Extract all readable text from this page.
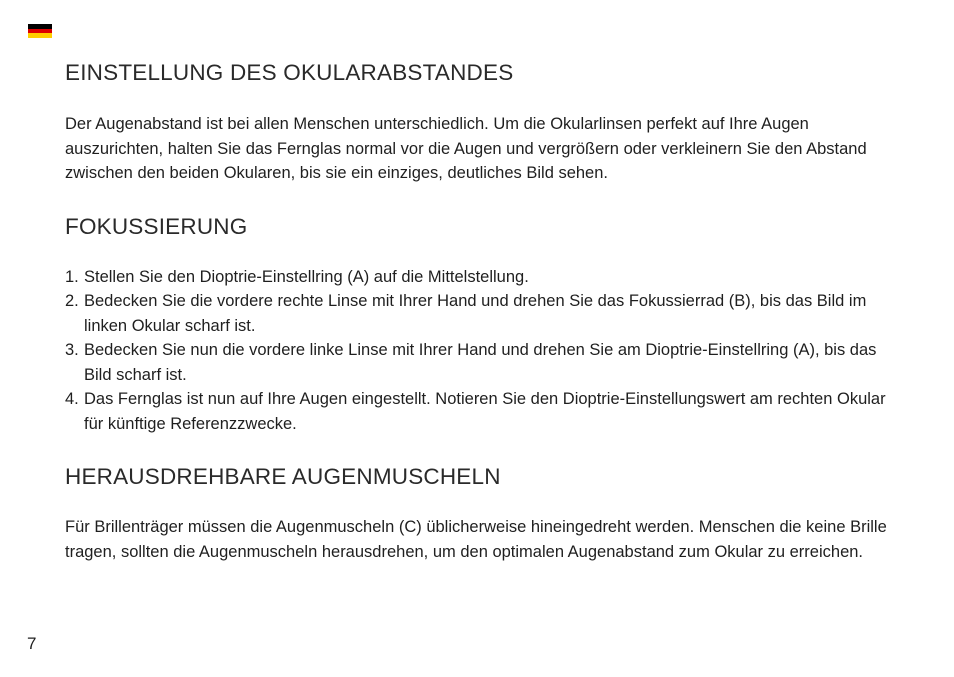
EINSTELLUNG DES OKULARABSTANDES

Der Augenabstand ist bei allen Menschen unterschiedlich. Um die Okularlinsen perfekt auf Ihre Augen auszurichten, halten Sie das Fernglas normal vor die Augen und vergrößern oder verkleinern Sie den Abstand zwischen den beiden Okularen, bis sie ein einziges, deutliches Bild sehen.

FOKUSSIERUNG
1. Stellen Sie den Dioptrie-Einstellring (A) auf die Mittelstellung.
2. Bedecken Sie die vordere rechte Linse mit Ihrer Hand und drehen Sie das Fokussierrad (B), bis das Bild im linken Okular scharf ist.
3. Bedecken Sie nun die vordere linke Linse mit Ihrer Hand und drehen Sie am Dioptrie-Einstellring (A), bis das Bild scharf ist.
4. Das Fernglas ist nun auf Ihre Augen eingestellt. Notieren Sie den Dioptrie-Einstellungswert am rechten Okular für künftige Referenzzwecke.
HERAUSDREHBARE AUGENMUSCHELN

Für Brillenträger müssen die Augenmuscheln (C) üblicherweise hineingedreht werden. Menschen die keine Brille tragen, sollten die Augenmuscheln herausdrehen, um den optimalen Augenabstand zum Okular zu erreichen.

7
